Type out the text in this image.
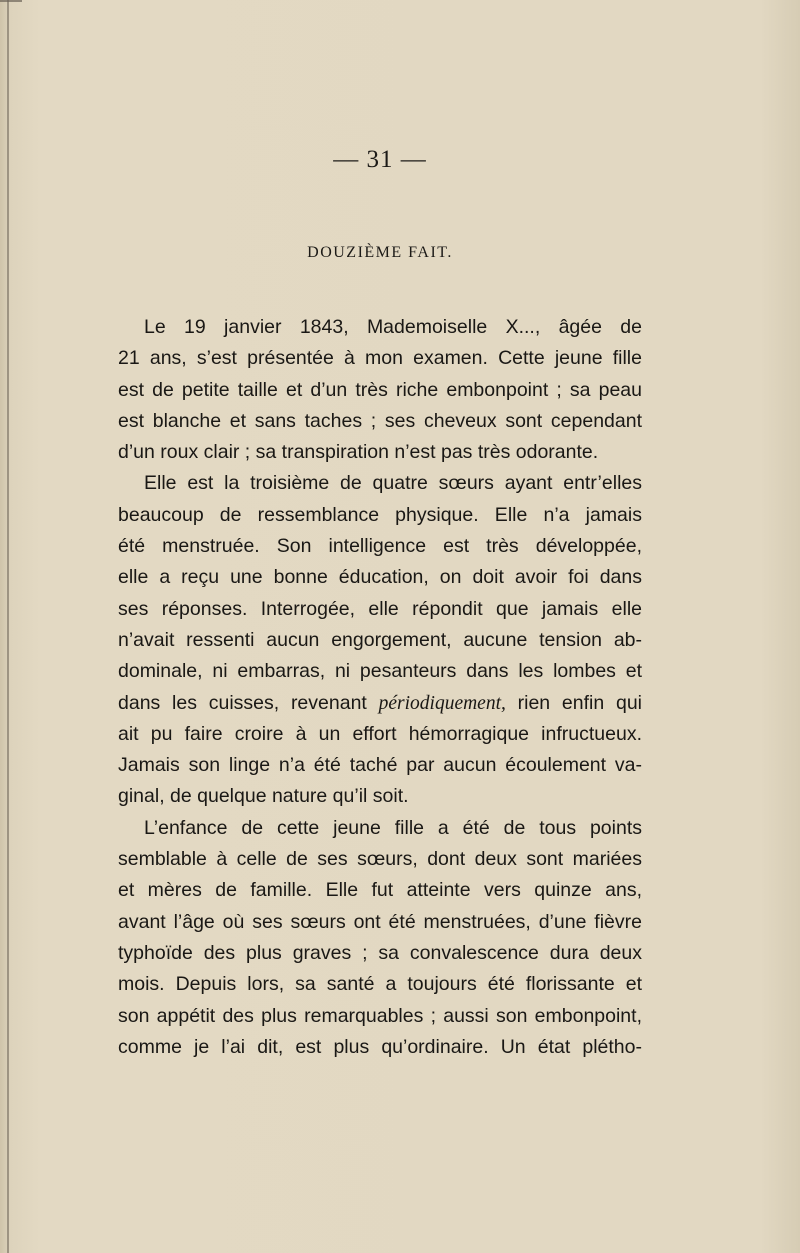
— 31 —
DOUZIÈME FAIT.
Le 19 janvier 1843, Mademoiselle X..., âgée de
21 ans, s’est présentée à mon examen. Cette jeune fille
est de petite taille et d’un très riche embonpoint ; sa peau
est blanche et sans taches ; ses cheveux sont cependant
d’un roux clair ; sa transpiration n’est pas très odorante.
Elle est la troisième de quatre sœurs ayant entr’elles
beaucoup de ressemblance physique. Elle n’a jamais
été menstruée. Son intelligence est très développée,
elle a reçu une bonne éducation, on doit avoir foi dans
ses réponses. Interrogée, elle répondit que jamais elle
n’avait ressenti aucun engorgement, aucune tension ab-
dominale, ni embarras, ni pesanteurs dans les lombes et
dans les cuisses, revenant périodiquement, rien enfin qui
ait pu faire croire à un effort hémorragique infructueux.
Jamais son linge n’a été taché par aucun écoulement va-
ginal, de quelque nature qu’il soit.
L’enfance de cette jeune fille a été de tous points
semblable à celle de ses sœurs, dont deux sont mariées
et mères de famille. Elle fut atteinte vers quinze ans,
avant l’âge où ses sœurs ont été menstruées, d’une fièvre
typhoïde des plus graves ; sa convalescence dura deux
mois. Depuis lors, sa santé a toujours été florissante et
son appétit des plus remarquables ; aussi son embonpoint,
comme je l’ai dit, est plus qu’ordinaire. Un état plétho-
